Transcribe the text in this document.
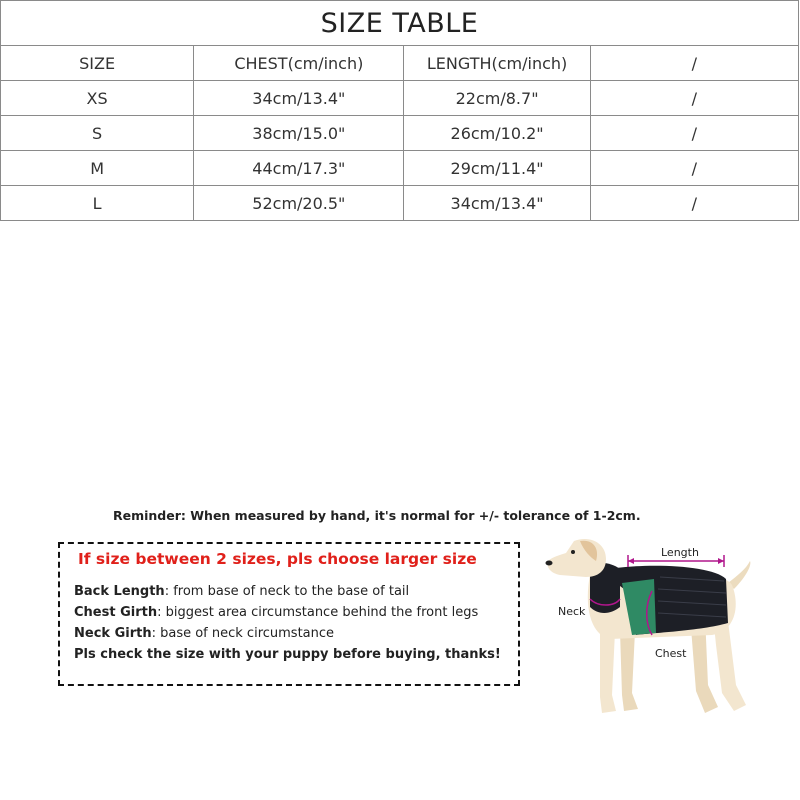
SIZE TABLE			
SIZE	CHEST(cm/inch)	LENGTH(cm/inch)	/
XS	34cm/13.4"	22cm/8.7"	/
S	38cm/15.0"	26cm/10.2"	/
M	44cm/17.3"	29cm/11.4"	/
L	52cm/20.5"	34cm/13.4"	/
Reminder: When measured by hand, it's normal for +/- tolerance of 1-2cm.
If size between 2 sizes, pls choose larger size
Back Length: from base of neck to the base of tail
Chest Girth: biggest area circumstance behind the front legs
Neck Girth: base of neck circumstance
Pls check the size with your puppy before buying, thanks!
Length
Neck
Chest
